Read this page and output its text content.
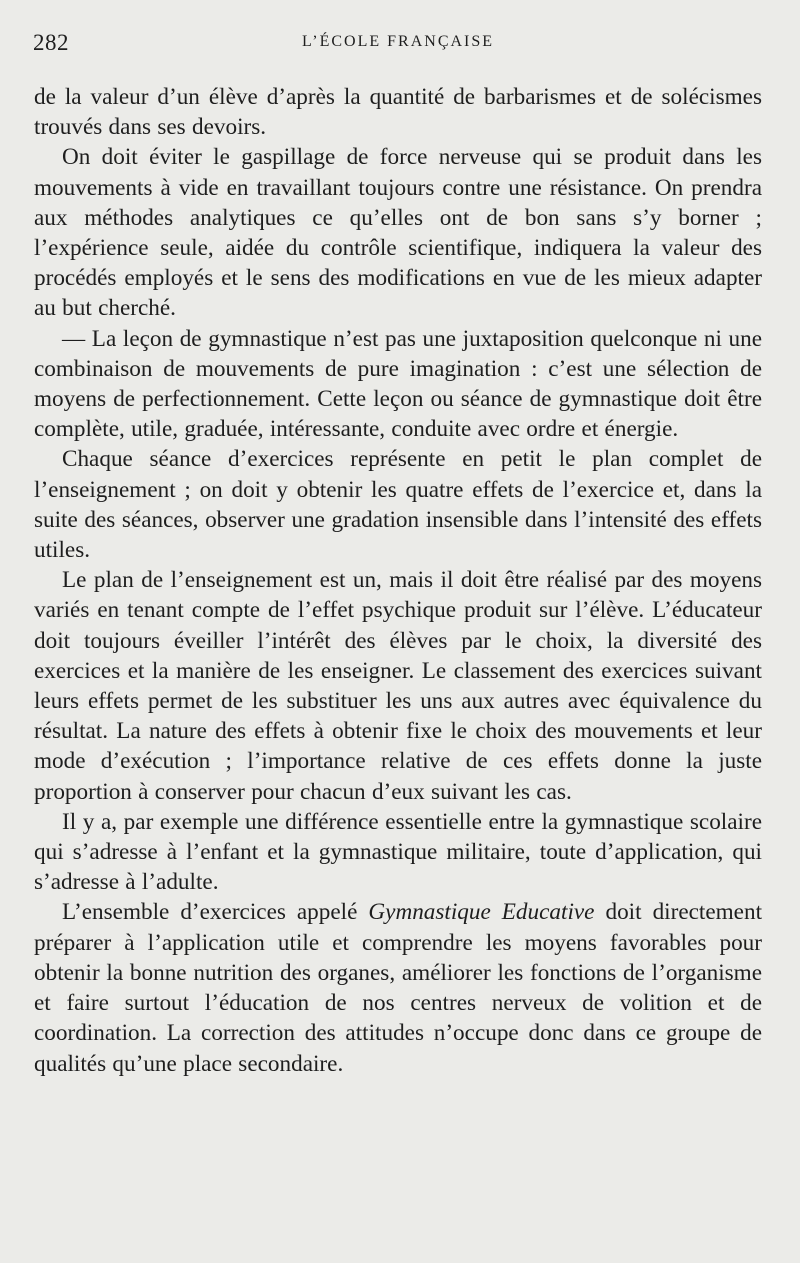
282	L’ÉCOLE FRANÇAISE

de la valeur d’un élève d’après la quantité de barbarismes et de solécismes trouvés dans ses devoirs.

On doit éviter le gaspillage de force nerveuse qui se produit dans les mouvements à vide en travaillant toujours contre une résistance. On prendra aux méthodes analytiques ce qu’elles ont de bon sans s’y borner ; l’expérience seule, aidée du contrôle scientifique, indiquera la valeur des procédés employés et le sens des modifications en vue de les mieux adapter au but cherché.

— La leçon de gymnastique n’est pas une juxtaposition quelconque ni une combinaison de mouvements de pure imagination : c’est une sélection de moyens de perfectionnement. Cette leçon ou séance de gymnastique doit être complète, utile, graduée, intéressante, conduite avec ordre et énergie.

Chaque séance d’exercices représente en petit le plan complet de l’enseignement ; on doit y obtenir les quatre effets de l’exercice et, dans la suite des séances, observer une gradation insensible dans l’intensité des effets utiles.

Le plan de l’enseignement est un, mais il doit être réalisé par des moyens variés en tenant compte de l’effet psychique produit sur l’élève. L’éducateur doit toujours éveiller l’intérêt des élèves par le choix, la diversité des exercices et la manière de les enseigner. Le classement des exercices suivant leurs effets permet de les substituer les uns aux autres avec équivalence du résultat. La nature des effets à obtenir fixe le choix des mouvements et leur mode d’exécution ; l’importance relative de ces effets donne la juste proportion à conserver pour chacun d’eux suivant les cas.

Il y a, par exemple une différence essentielle entre la gymnastique scolaire qui s’adresse à l’enfant et la gymnastique militaire, toute d’application, qui s’adresse à l’adulte.

L’ensemble d’exercices appelé Gymnastique Educative doit directement préparer à l’application utile et comprendre les moyens favorables pour obtenir la bonne nutrition des organes, améliorer les fonctions de l’organisme et faire surtout l’éducation de nos centres nerveux de volition et de coordination. La correction des attitudes n’occupe donc dans ce groupe de qualités qu’une place secondaire.
